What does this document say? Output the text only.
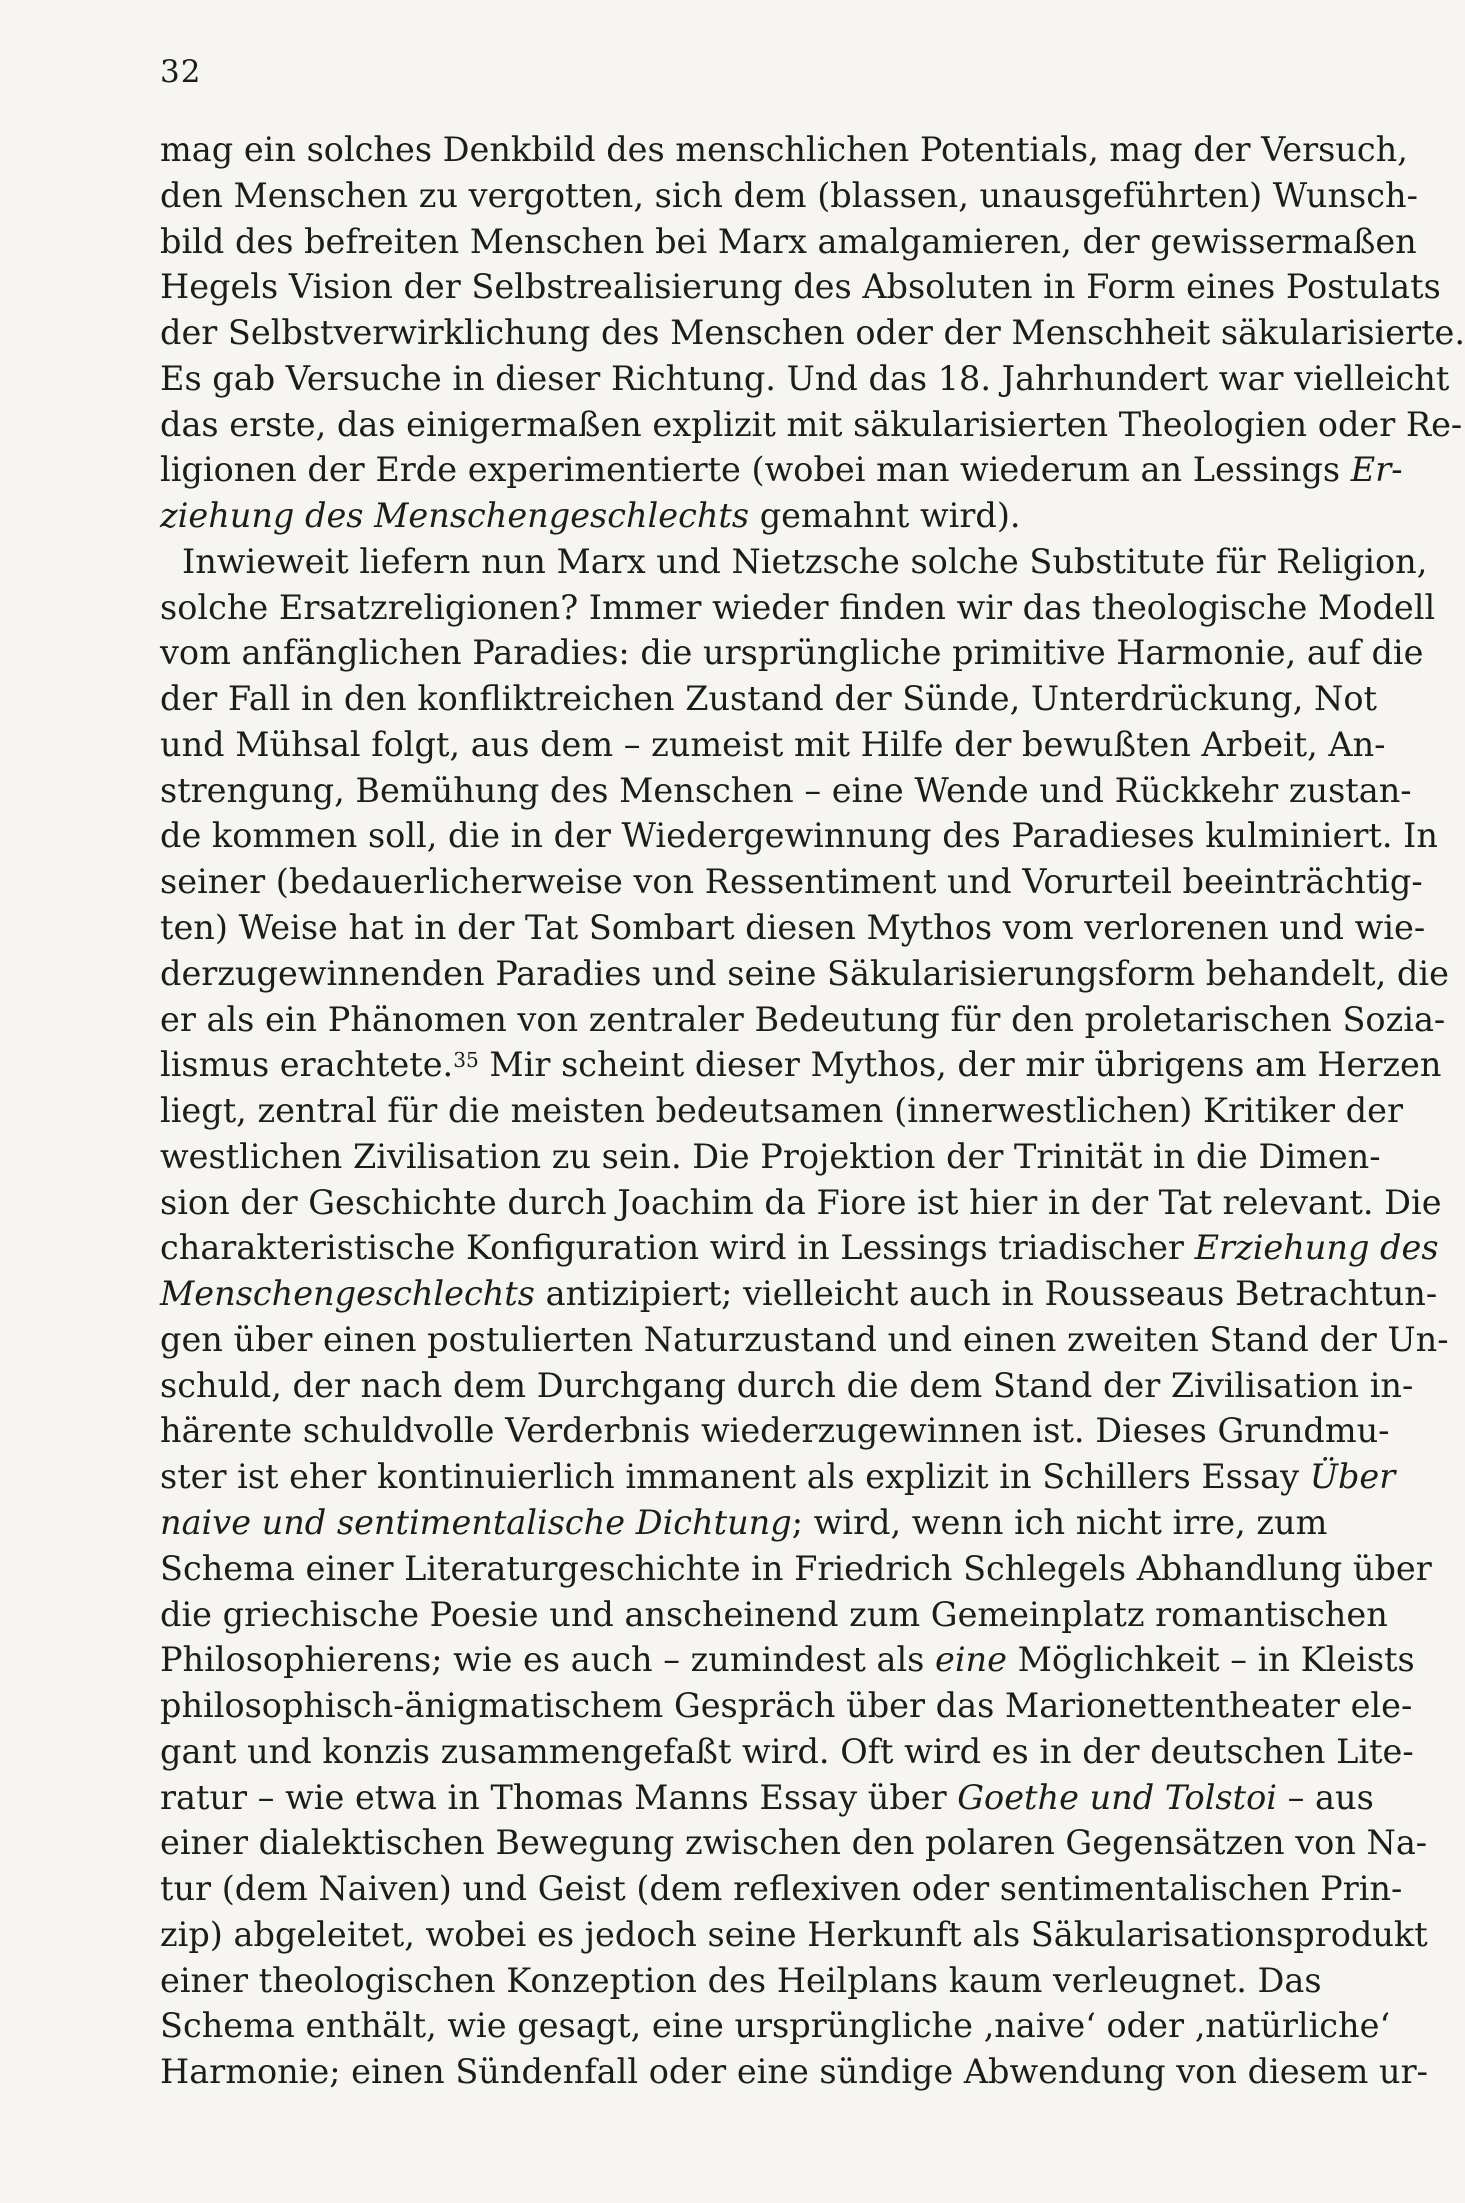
32
mag ein solches Denkbild des menschlichen Potentials, mag der Versuch,
den Menschen zu vergotten, sich dem (blassen, unausgeführten) Wunsch-
bild des befreiten Menschen bei Marx amalgamieren, der gewissermaßen
Hegels Vision der Selbstrealisierung des Absoluten in Form eines Postulats
der Selbstverwirklichung des Menschen oder der Menschheit säkularisierte.
Es gab Versuche in dieser Richtung. Und das 18. Jahrhundert war vielleicht
das erste, das einigermaßen explizit mit säkularisierten Theologien oder Re-
ligionen der Erde experimentierte (wobei man wiederum an Lessings Er-
ziehung des Menschengeschlechts gemahnt wird).
Inwieweit liefern nun Marx und Nietzsche solche Substitute für Religion,
solche Ersatzreligionen? Immer wieder finden wir das theologische Modell
vom anfänglichen Paradies: die ursprüngliche primitive Harmonie, auf die
der Fall in den konfliktreichen Zustand der Sünde, Unterdrückung, Not
und Mühsal folgt, aus dem – zumeist mit Hilfe der bewußten Arbeit, An-
strengung, Bemühung des Menschen – eine Wende und Rückkehr zustan-
de kommen soll, die in der Wiedergewinnung des Paradieses kulminiert. In
seiner (bedauerlicherweise von Ressentiment und Vorurteil beeinträchtig-
ten) Weise hat in der Tat Sombart diesen Mythos vom verlorenen und wie-
derzugewinnenden Paradies und seine Säkularisierungsform behandelt, die
er als ein Phänomen von zentraler Bedeutung für den proletarischen Sozia-
lismus erachtete.$^{35}$ Mir scheint dieser Mythos, der mir übrigens am Herzen
liegt, zentral für die meisten bedeutsamen (innerwestlichen) Kritiker der
westlichen Zivilisation zu sein. Die Projektion der Trinität in die Dimen-
sion der Geschichte durch Joachim da Fiore ist hier in der Tat relevant. Die
charakteristische Konfiguration wird in Lessings triadischer Erziehung des
Menschengeschlechts antizipiert; vielleicht auch in Rousseaus Betrachtun-
gen über einen postulierten Naturzustand und einen zweiten Stand der Un-
schuld, der nach dem Durchgang durch die dem Stand der Zivilisation in-
härente schuldvolle Verderbnis wiederzugewinnen ist. Dieses Grundmu-
ster ist eher kontinuierlich immanent als explizit in Schillers Essay Über
naive und sentimentalische Dichtung; wird, wenn ich nicht irre, zum
Schema einer Literaturgeschichte in Friedrich Schlegels Abhandlung über
die griechische Poesie und anscheinend zum Gemeinplatz romantischen
Philosophierens; wie es auch – zumindest als eine Möglichkeit – in Kleists
philosophisch-änigmatischem Gespräch über das Marionettentheater ele-
gant und konzis zusammengefaßt wird. Oft wird es in der deutschen Lite-
ratur – wie etwa in Thomas Manns Essay über Goethe und Tolstoi – aus
einer dialektischen Bewegung zwischen den polaren Gegensätzen von Na-
tur (dem Naiven) und Geist (dem reflexiven oder sentimentalischen Prin-
zip) abgeleitet, wobei es jedoch seine Herkunft als Säkularisationsprodukt
einer theologischen Konzeption des Heilplans kaum verleugnet. Das
Schema enthält, wie gesagt, eine ursprüngliche ‚naive‘ oder ‚natürliche‘
Harmonie; einen Sündenfall oder eine sündige Abwendung von diesem ur-
